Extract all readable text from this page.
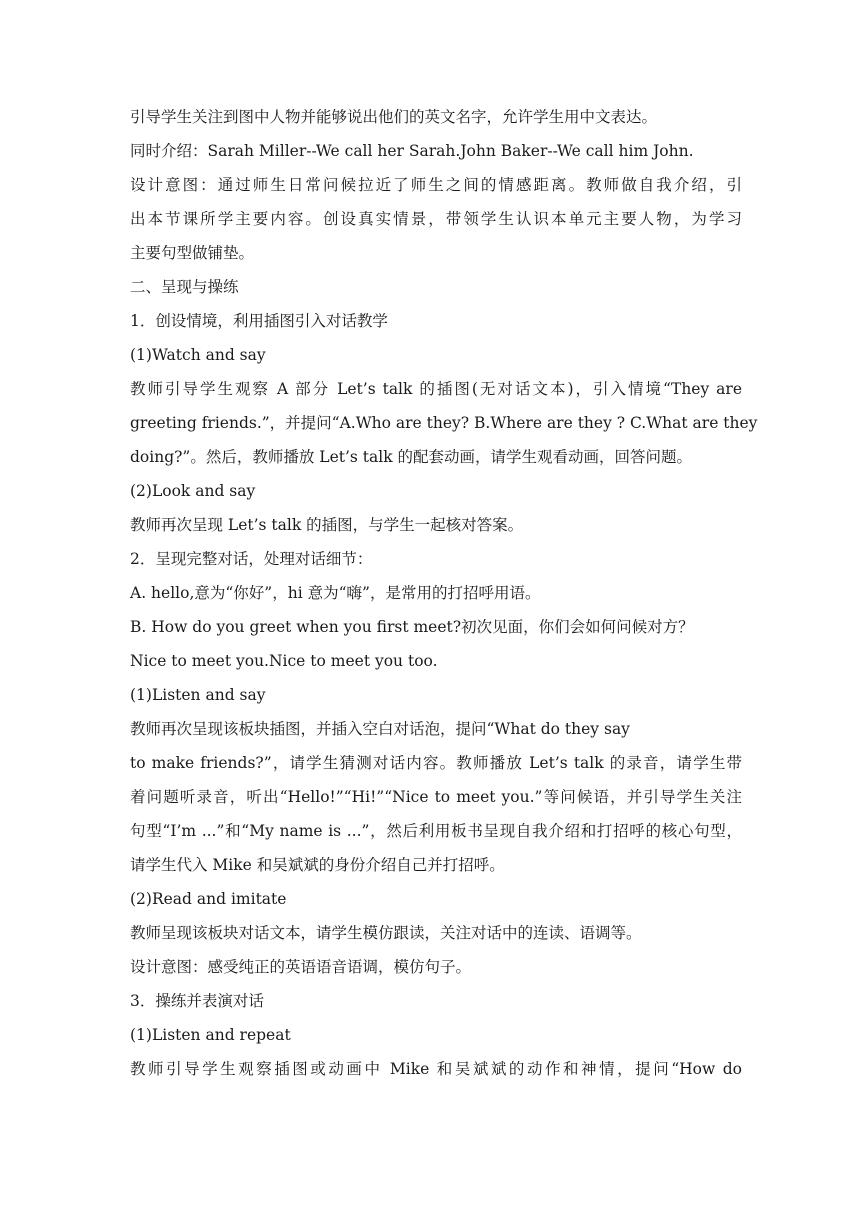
引导学生关注到图中人物并能够说出他们的英文名字，允许学生用中文表达。
同时介绍：Sarah Miller--We call her Sarah.John Baker--We call him John.
设计意图：通过师生日常问候拉近了师生之间的情感距离。教师做自我介绍，引
出本节课所学主要内容。创设真实情景，带领学生认识本单元主要人物，为学习
主要句型做铺垫。
二、呈现与操练
1．创设情境，利用插图引入对话教学
(1)Watch and say
教师引导学生观察 A 部分 Let’s talk 的插图(无对话文本)，引入情境“They are
greeting friends.”，并提问“A.Who are they? B.Where are they ? C.What are they
doing?”。然后，教师播放 Let’s talk 的配套动画，请学生观看动画，回答问题。
(2)Look and say
教师再次呈现 Let’s talk 的插图，与学生一起核对答案。
2．呈现完整对话，处理对话细节：
A. hello,意为“你好”，hi 意为“嗨”，是常用的打招呼用语。
B. How do you greet when you first meet?初次见面，你们会如何问候对方？
Nice to meet you.Nice to meet you too.
(1)Listen and say
教师再次呈现该板块插图，并插入空白对话泡，提问“What do they say
to make friends?”，请学生猜测对话内容。教师播放 Let’s talk 的录音，请学生带
着问题听录音，听出“Hello!”“Hi!”“Nice to meet you.”等问候语，并引导学生关注
句型“I’m ...”和“My name is ...”，然后利用板书呈现自我介绍和打招呼的核心句型，
请学生代入 Mike 和吴斌斌的身份介绍自己并打招呼。
(2)Read and imitate
教师呈现该板块对话文本，请学生模仿跟读，关注对话中的连读、语调等。
设计意图：感受纯正的英语语音语调，模仿句子。
3．操练并表演对话
(1)Listen and repeat
教师引导学生观察插图或动画中 Mike 和吴斌斌的动作和神情，提问“How do
